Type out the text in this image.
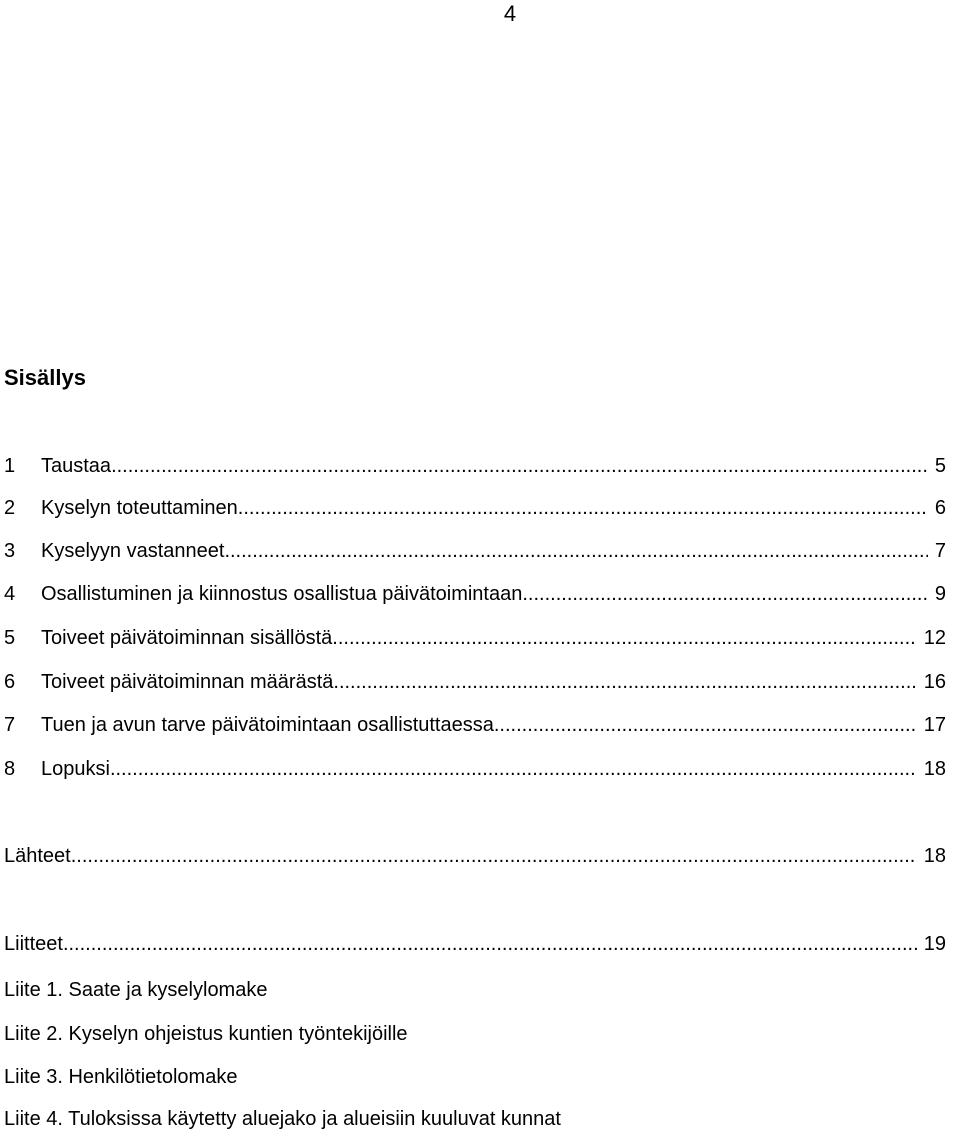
4
Sisällys
1	Taustaa .....	5
2	Kyselyn toteuttaminen .....	6
3	Kyselyyn vastanneet .....	7
4	Osallistuminen ja kiinnostus osallistua päivätoimintaan .....	9
5	Toiveet päivätoiminnan sisällöstä .....	12
6	Toiveet päivätoiminnan määrästä .....	16
7	Tuen ja avun tarve päivätoimintaan osallistuttaessa .....	17
8	Lopuksi .....	18
Lähteet .....	18
Liitteet .....	19
Liite 1. Saate ja kyselylomake
Liite 2. Kyselyn ohjeistus kuntien työntekijöille
Liite 3. Henkilötietolomake
Liite 4. Tuloksissa käytetty aluejako ja alueisiin kuuluvat kunnat
